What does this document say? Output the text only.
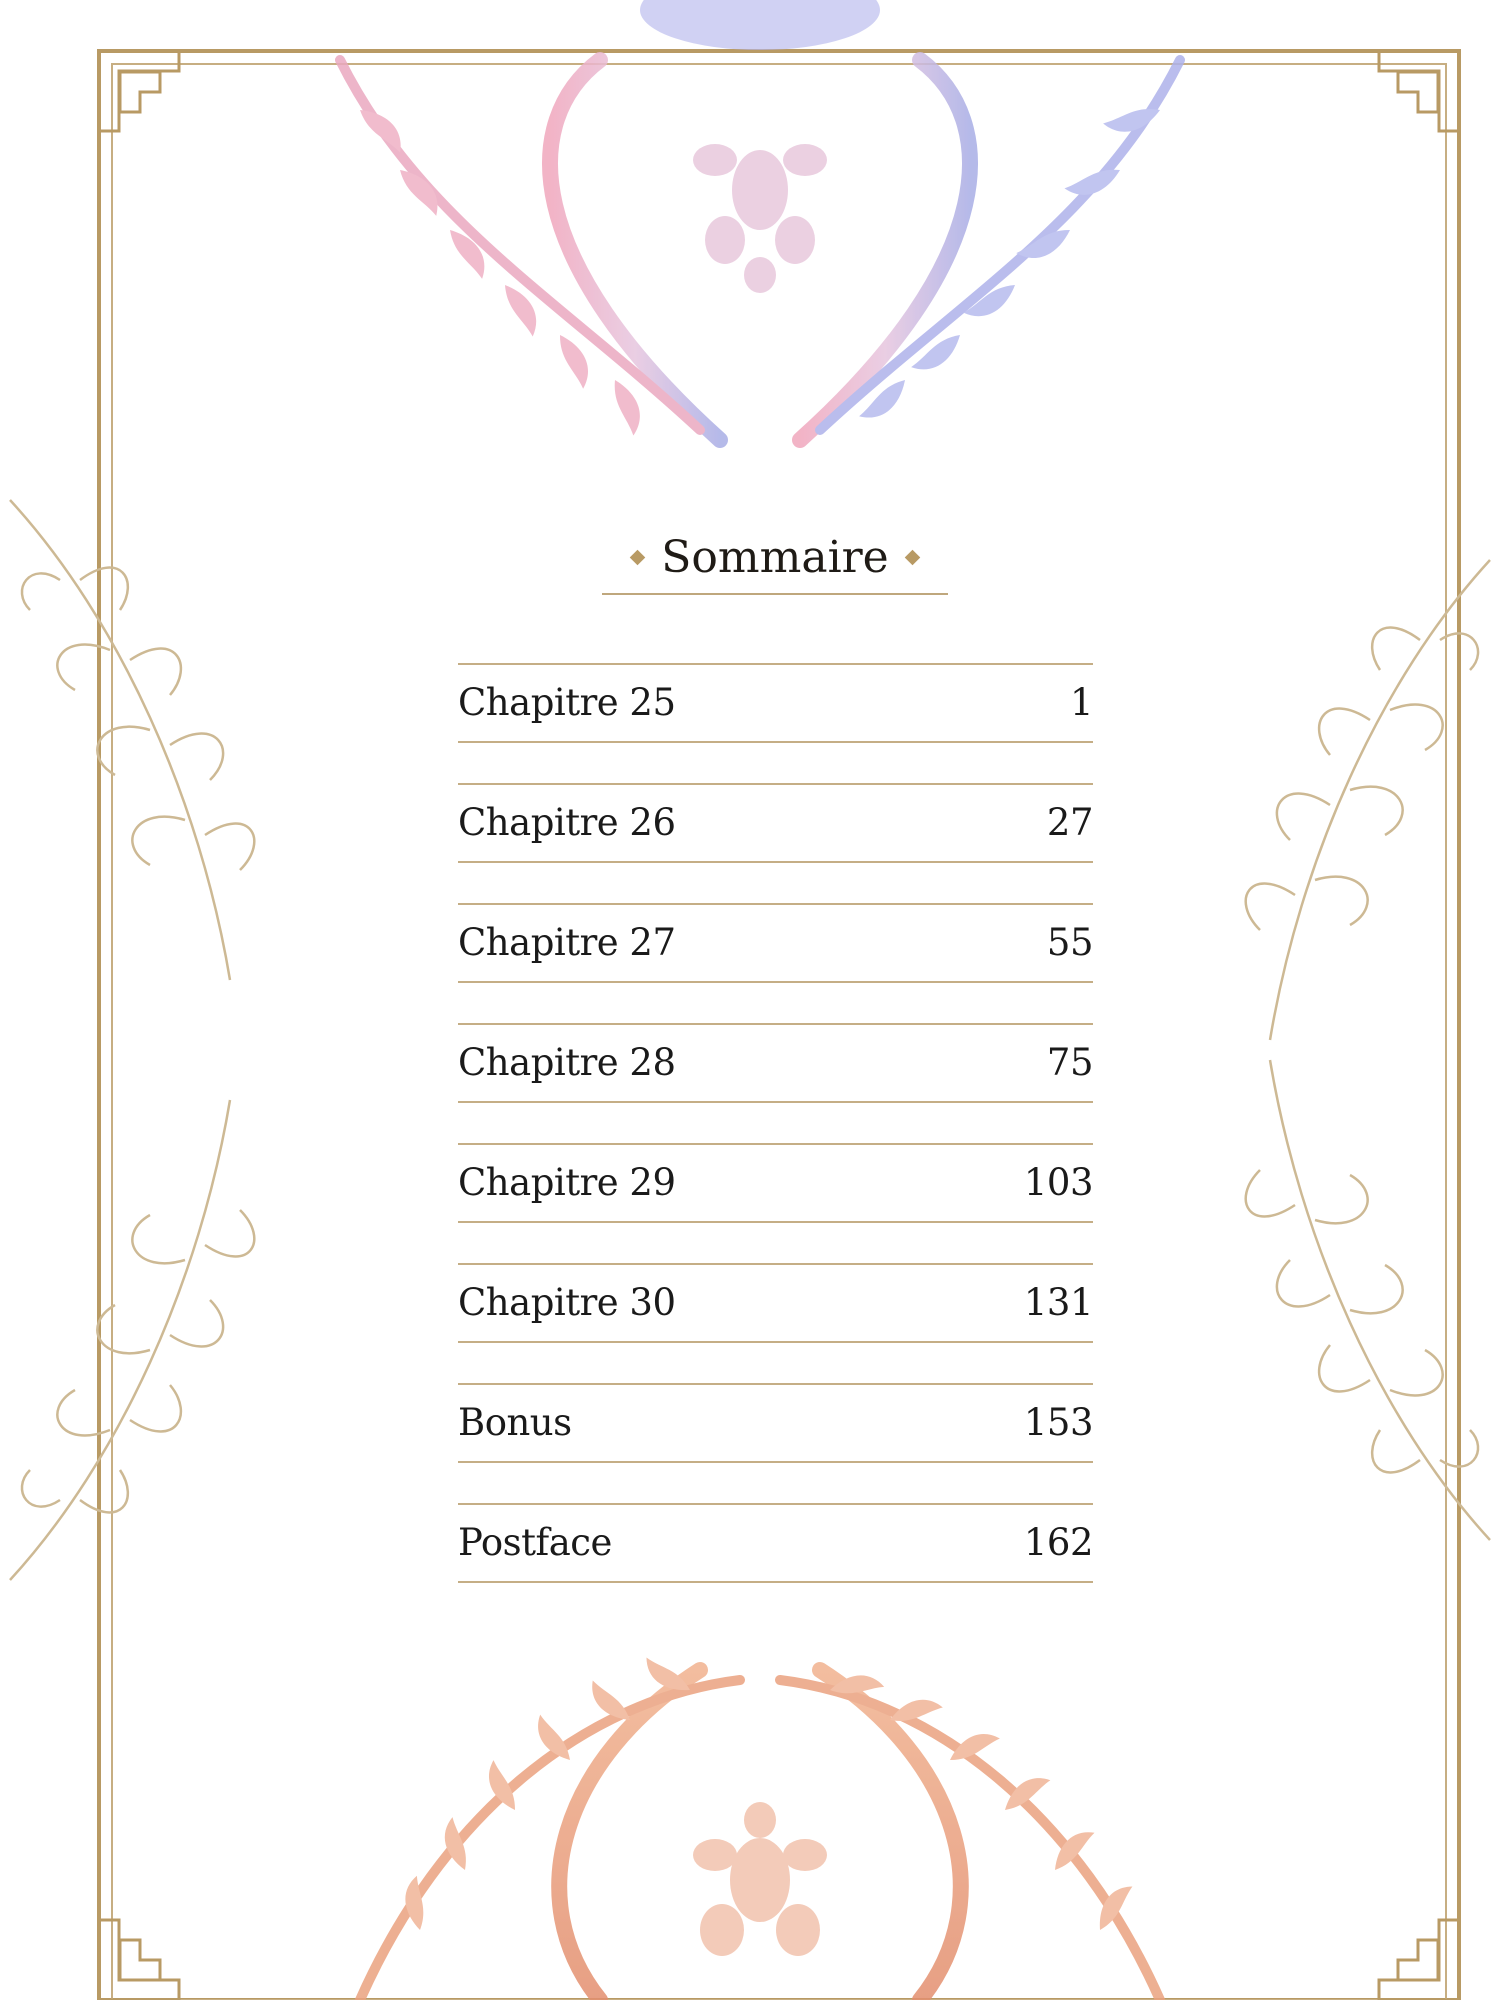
Sommaire
Chapitre 25	1
Chapitre 26	27
Chapitre 27	55
Chapitre 28	75
Chapitre 29	103
Chapitre 30	131
Bonus	153
Postface	162
